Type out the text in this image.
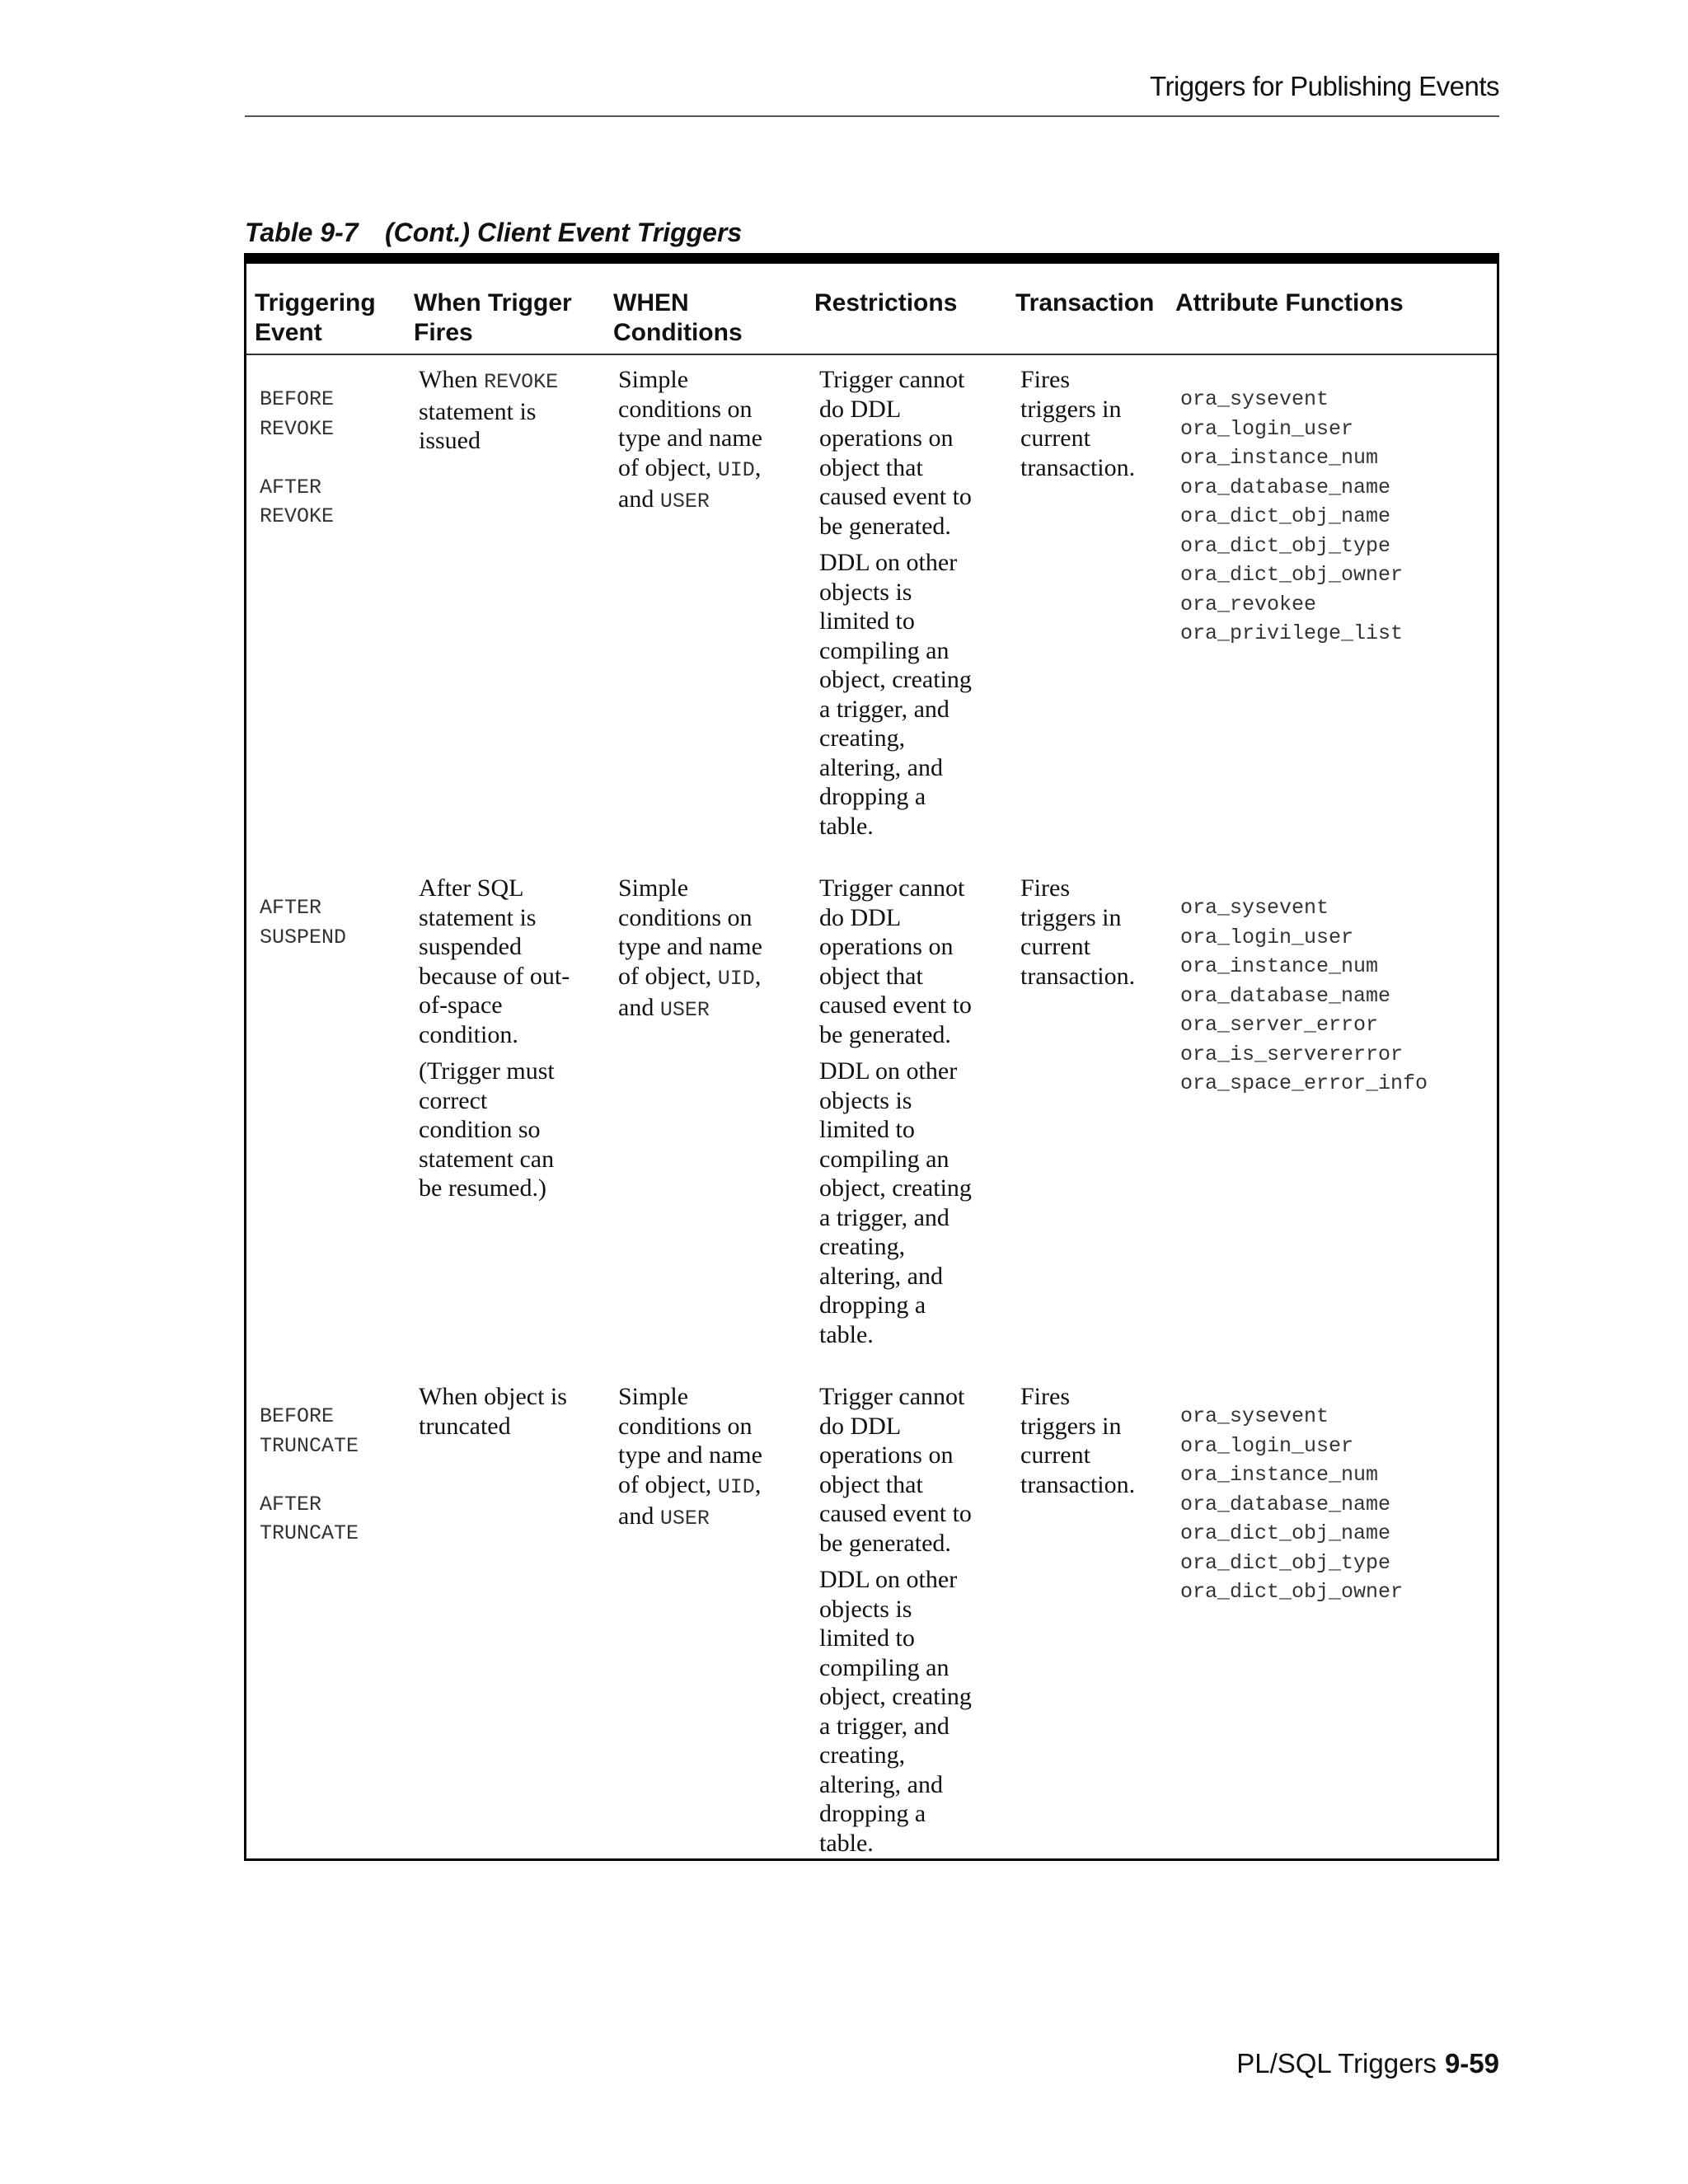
Triggers for Publishing Events
Table 9-7 (Cont.) Client Event Triggers
Triggering
Event
When Trigger
Fires
WHEN
Conditions
Restrictions	Transaction Attribute Functions
BEFORE
REVOKE
AFTER
REVOKE
When REVOKE
statement is
issued
Simple
conditions on
type and name
of object, UID,
and USER
Trigger cannot
do DDL
operations on
object that
caused event to
be generated.
DDL on other
objects is
limited to
compiling an
object, creating
a trigger, and
creating,
altering, and
dropping a
table.
Fires
triggers in
current
transaction.
ora_sysevent
ora_login_user
ora_instance_num
ora_database_name
ora_dict_obj_name
ora_dict_obj_type
ora_dict_obj_owner
ora_revokee
ora_privilege_list
AFTER
SUSPEND
After SQL
statement is
suspended
because of out-
of-space
condition.
(Trigger must
correct
condition so
statement can
be resumed.)
Simple
conditions on
type and name
of object, UID,
and USER
Trigger cannot
do DDL
operations on
object that
caused event to
be generated.
DDL on other
objects is
limited to
compiling an
object, creating
a trigger, and
creating,
altering, and
dropping a
table.
Fires
triggers in
current
transaction.
ora_sysevent
ora_login_user
ora_instance_num
ora_database_name
ora_server_error
ora_is_servererror
ora_space_error_info
BEFORE
TRUNCATE
AFTER
TRUNCATE
When object is
truncated
Simple
conditions on
type and name
of object, UID,
and USER
Trigger cannot
do DDL
operations on
object that
caused event to
be generated.
DDL on other
objects is
limited to
compiling an
object, creating
a trigger, and
creating,
altering, and
dropping a
table.
Fires
triggers in
current
transaction.
ora_sysevent
ora_login_user
ora_instance_num
ora_database_name
ora_dict_obj_name
ora_dict_obj_type
ora_dict_obj_owner
PL/SQL Triggers 9-59
